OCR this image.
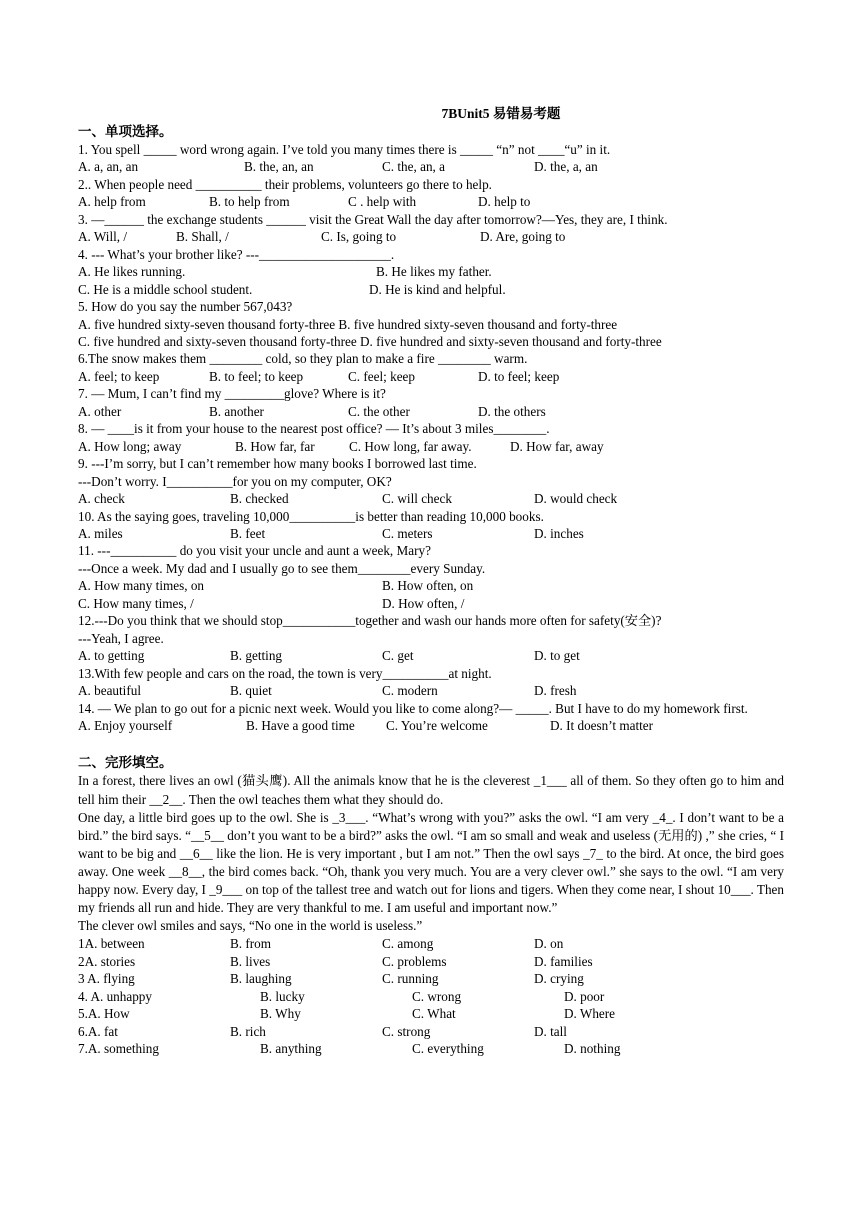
7BUnit5 易错易考题
一、单项选择。
1. You spell _____ word wrong again. I’ve told you many times there is _____ “n” not ____“u” in it.
A. a, an, an	B. the, an, an	C. the, an, a	D. the, a, an
2.. When people need __________ their problems, volunteers go there to help.
A. help from	B. to help from	C . help with	D. help to
3. —______ the exchange students ______ visit the Great Wall the day after tomorrow?—Yes, they are, I think.
A. Will, /	B. Shall, /	C. Is, going to	D. Are, going to
4. --- What’s your brother like? ---____________________.
A. He likes running.	B. He likes my father.
C. He is a middle school student.	D. He is kind and helpful.
5. How do you say the number 567,043?
A. five hundred sixty-seven thousand forty-three B. five hundred sixty-seven thousand and forty-three
C. five hundred and sixty-seven thousand forty-three D. five hundred and sixty-seven thousand and forty-three
6.The snow makes them ________ cold, so they plan to make a fire ________ warm.
A. feel; to keep	B. to feel; to keep	C. feel; keep	D. to feel; keep
7. — Mum, I can’t find my _________glove? Where is it?
A. other	B. another	C. the other	D. the others
8. — ____is it from your house to the nearest post office? — It’s about 3 miles________.
A. How long; away	B. How far, far	C. How long, far away.	D. How far, away
9. ---I’m sorry, but I can’t remember how many books I borrowed last time.
---Don’t worry. I__________for you on my computer, OK?
A. check	B. checked	C. will check	D. would check
10. As the saying goes, traveling 10,000__________is better than reading 10,000 books.
A. miles	B. feet	C. meters	D. inches
11. ---__________ do you visit your uncle and aunt a week, Mary?
---Once a week. My dad and I usually go to see them________every Sunday.
A. How many times, on	B. How often, on
C. How many times, /	D. How often, /
12.---Do you think that we should stop___________together and wash our hands more often for safety(安全)?
---Yeah, I agree.
A. to getting	B. getting	C. get	D. to get
13.With few people and cars on the road, the town is very__________at night.
A. beautiful	B. quiet	C. modern	D. fresh
14. — We plan to go out for a picnic next week. Would you like to come along?— _____. But I have to do my homework first.
A. Enjoy yourself	B. Have a good time	C. You’re welcome	D. It doesn’t matter
二、完形填空。
In a forest, there lives an owl (猫头鹰). All the animals know that he is the cleverest _1___ all of them. So they often go to him and tell him their __2__. Then the owl teaches them what they should do.
One day, a little bird goes up to the owl. She is _3___. “What’s wrong with you?” asks the owl. “I am very _4_. I don’t want to be a bird.” the bird says. “__5__ don’t you want to be a bird?” asks the owl. “I am so small and weak and useless (无用的) ,” she cries, “ I want to be big and __6__ like the lion. He is very important , but I am not.” Then the owl says _7_ to the bird. At once, the bird goes away. One week __8__, the bird comes back. “Oh, thank you very much. You are a very clever owl.” she says to the owl. “I am very happy now. Every day, I _9___ on top of the tallest tree and watch out for lions and tigers. When they come near, I shout 10___. Then my friends all run and hide. They are very thankful to me. I am useful and important now.”
The clever owl smiles and says, “No one in the world is useless.”
1A. between	B. from	C. among	D. on
2A. stories	B. lives	C. problems	D. families
3 A. flying	B. laughing	C. running	D. crying
4. A. unhappy	B. lucky	C. wrong	D. poor
5.A. How	B. Why	C. What	D. Where
6.A. fat	B. rich	C. strong	D. tall
7.A. something	B. anything	C. everything	D. nothing
